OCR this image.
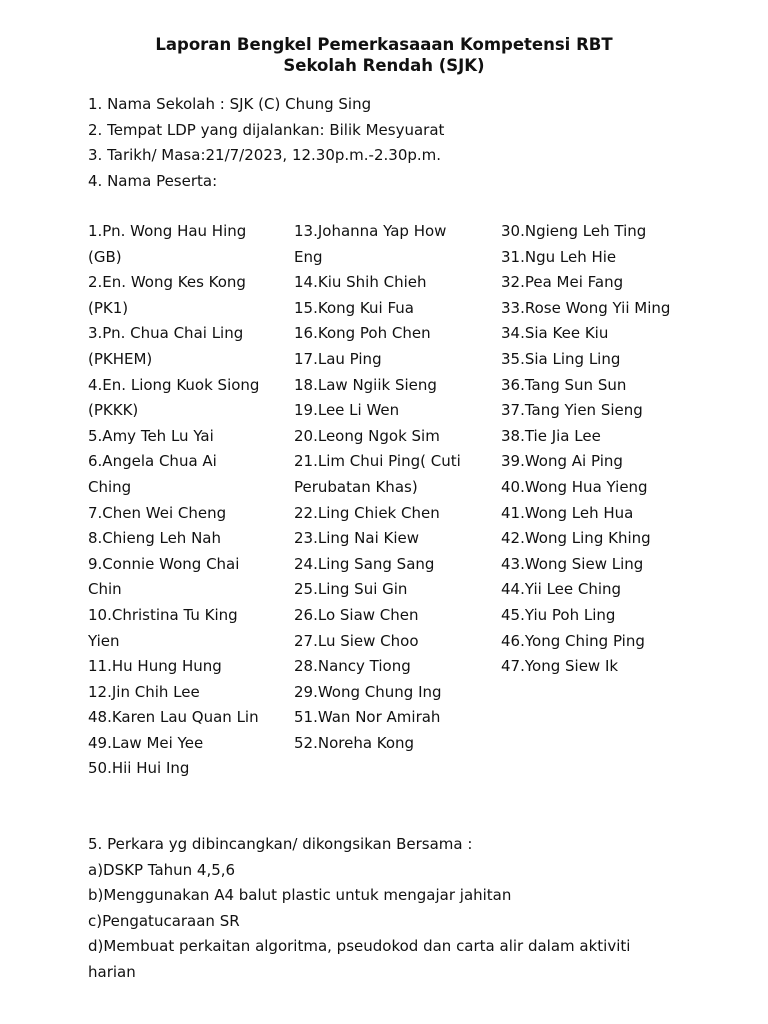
Laporan Bengkel Pemerkasaaan Kompetensi RBT
Sekolah Rendah (SJK)
1. Nama Sekolah : SJK (C) Chung Sing
2. Tempat LDP yang dijalankan: Bilik Mesyuarat
3. Tarikh/ Masa:21/7/2023, 12.30p.m.-2.30p.m.
4. Nama Peserta:
1.Pn. Wong Hau Hing
(GB)
2.En. Wong Kes Kong
(PK1)
3.Pn. Chua Chai Ling
(PKHEM)
4.En. Liong Kuok Siong
(PKKK)
5.Amy Teh Lu Yai
6.Angela Chua Ai
Ching
7.Chen Wei Cheng
8.Chieng Leh Nah
9.Connie Wong Chai
Chin
10.Christina Tu King
Yien
11.Hu Hung Hung
12.Jin Chih Lee
48.Karen Lau Quan Lin
49.Law Mei Yee
50.Hii Hui Ing
13.Johanna Yap How
Eng
14.Kiu Shih Chieh
15.Kong Kui Fua
16.Kong Poh Chen
17.Lau Ping
18.Law Ngiik Sieng
19.Lee Li Wen
20.Leong Ngok Sim
21.Lim Chui Ping( Cuti
Perubatan Khas)
22.Ling Chiek Chen
23.Ling Nai Kiew
24.Ling Sang Sang
25.Ling Sui Gin
26.Lo Siaw Chen
27.Lu Siew Choo
28.Nancy Tiong
29.Wong Chung Ing
51.Wan Nor Amirah
52.Noreha Kong
30.Ngieng Leh Ting
31.Ngu Leh Hie
32.Pea Mei Fang
33.Rose Wong Yii Ming
34.Sia Kee Kiu
35.Sia Ling Ling
36.Tang Sun Sun
37.Tang Yien Sieng
38.Tie Jia Lee
39.Wong Ai Ping
40.Wong Hua Yieng
41.Wong Leh Hua
42.Wong Ling Khing
43.Wong Siew Ling
44.Yii Lee Ching
45.Yiu Poh Ling
46.Yong Ching Ping
47.Yong Siew Ik
5. Perkara yg dibincangkan/ dikongsikan Bersama :
a)DSKP Tahun 4,5,6
b)Menggunakan A4 balut plastic untuk mengajar jahitan
c)Pengatucaraan SR
d)Membuat perkaitan algoritma, pseudokod dan carta alir dalam aktiviti
harian
